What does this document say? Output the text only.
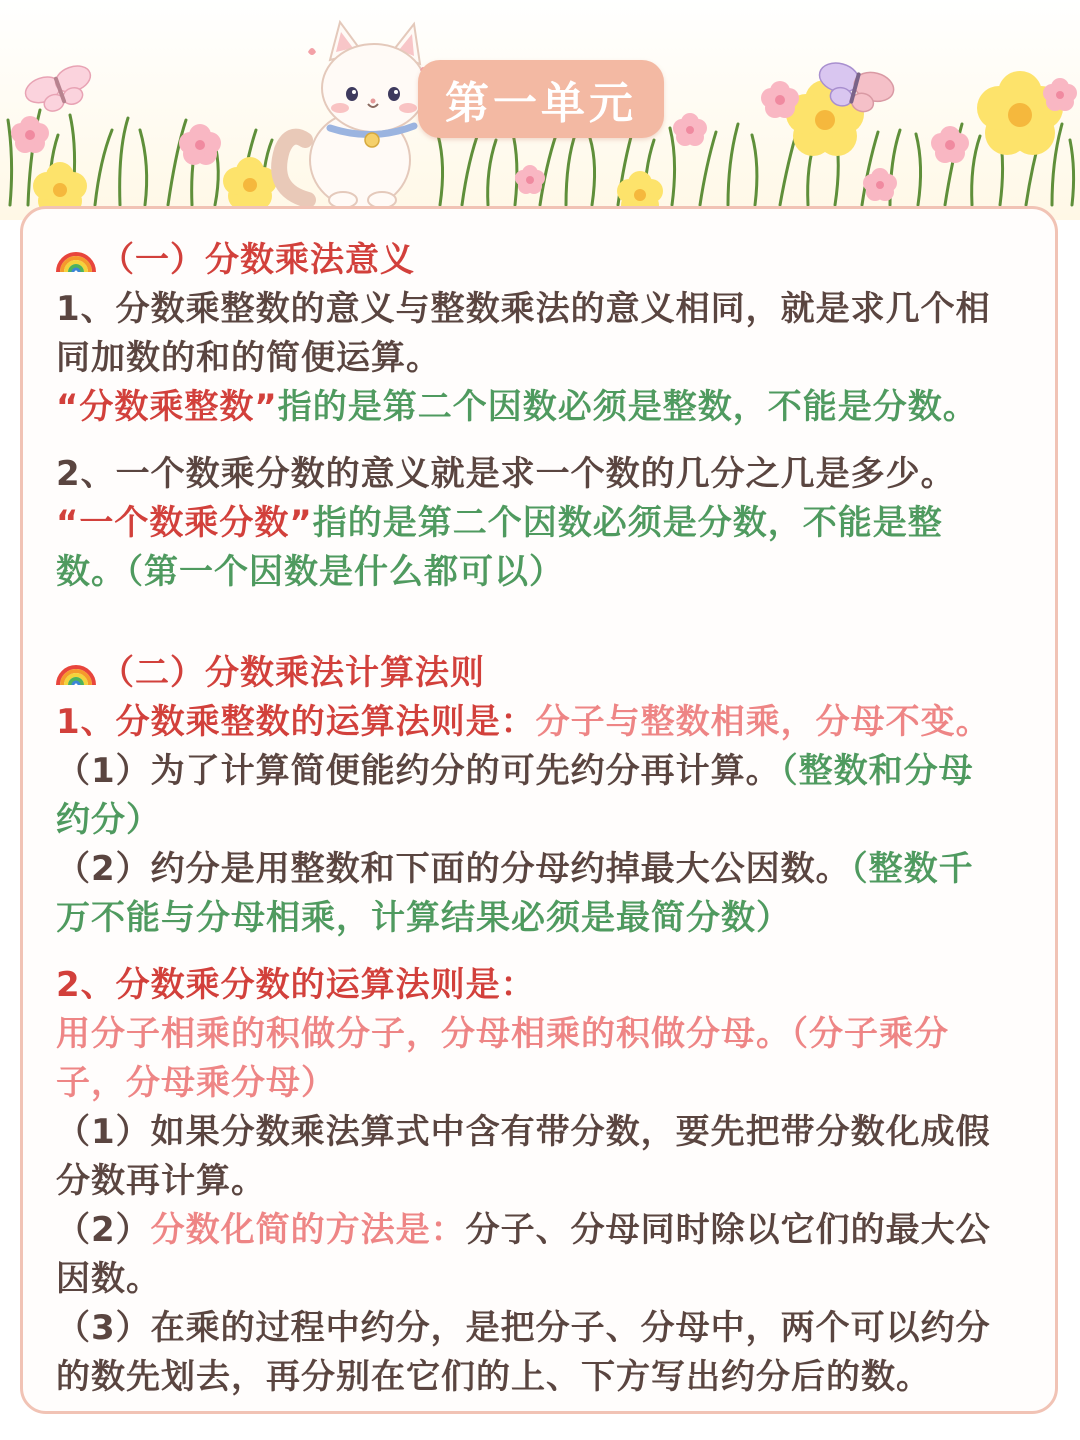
第一单元

（一）分数乘法意义

1、分数乘整数的意义与整数乘法的意义相同，就是求几个相
同加数的和的简便运算。

“分数乘整数”指的是第二个因数必须是整数，不能是分数。

2、一个数乘分数的意义就是求一个数的几分之几是多少。

“一个数乘分数”指的是第二个因数必须是分数，不能是整
数。（第一个因数是什么都可以）

（二）分数乘法计算法则

1、分数乘整数的运算法则是：分子与整数相乘，分母不变。

（1）为了计算简便能约分的可先约分再计算。（整数和分母
约分）

（2）约分是用整数和下面的分母约掉最大公因数。（整数千
万不能与分母相乘，计算结果必须是最简分数）

2、分数乘分数的运算法则是：

用分子相乘的积做分子，分母相乘的积做分母。（分子乘分
子，分母乘分母）

（1）如果分数乘法算式中含有带分数，要先把带分数化成假
分数再计算。

（2）分数化简的方法是：分子、分母同时除以它们的最大公
因数。

（3）在乘的过程中约分，是把分子、分母中，两个可以约分
的数先划去，再分别在它们的上、下方写出约分后的数。
